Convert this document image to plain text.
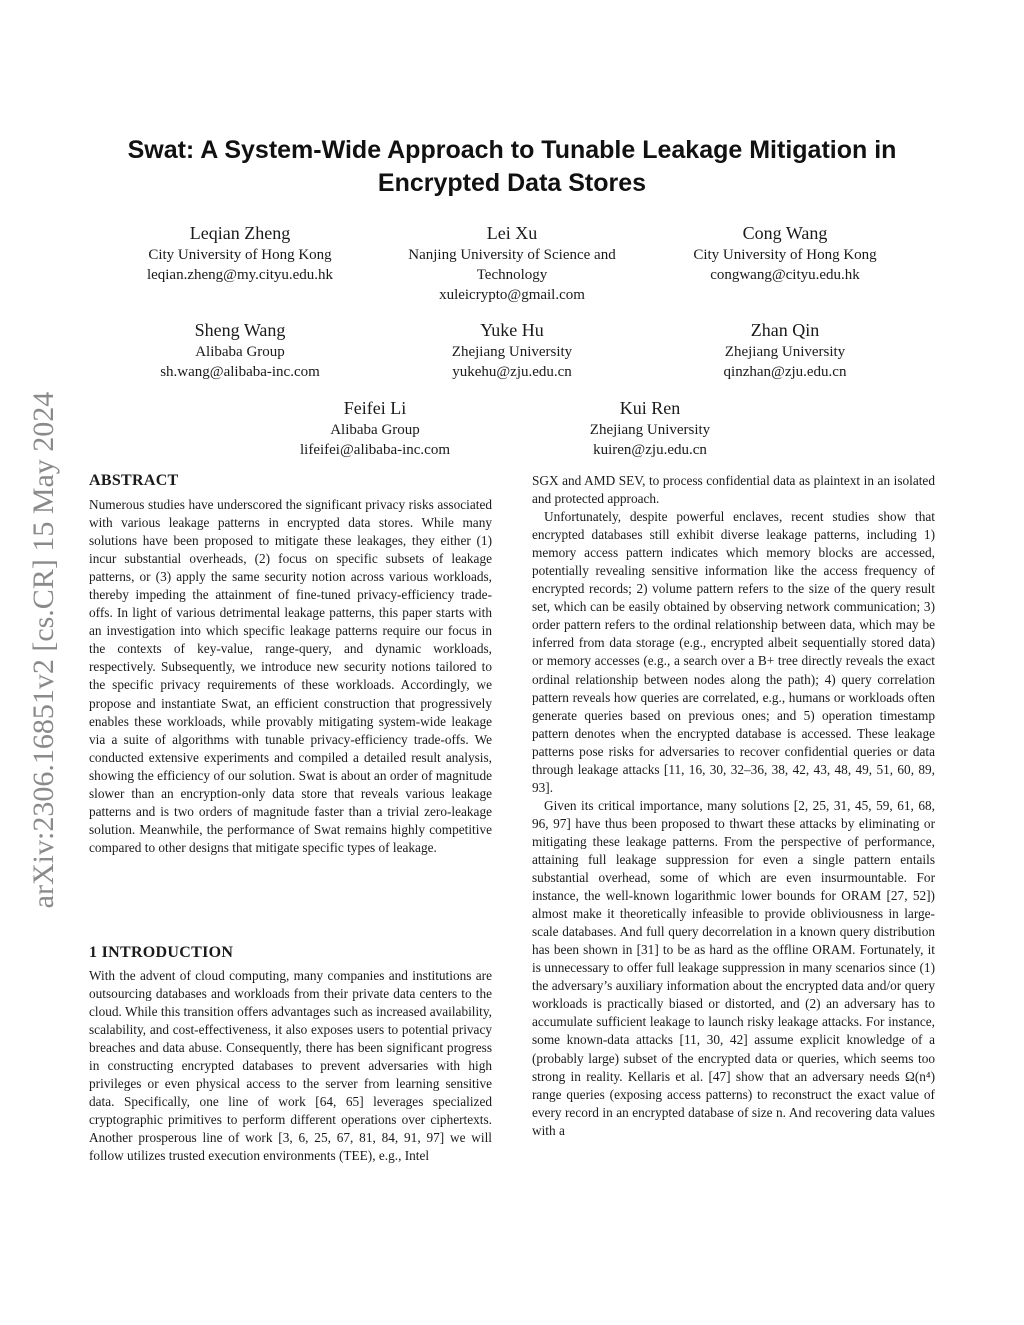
arXiv:2306.16851v2 [cs.CR] 15 May 2024
Swat: A System-Wide Approach to Tunable Leakage Mitigation in
Encrypted Data Stores
Leqian Zheng
City University of Hong Kong
leqian.zheng@my.cityu.edu.hk
Lei Xu
Nanjing University of Science and
Technology
xuleicrypto@gmail.com
Cong Wang
City University of Hong Kong
congwang@cityu.edu.hk
Sheng Wang
Alibaba Group
sh.wang@alibaba-inc.com
Yuke Hu
Zhejiang University
yukehu@zju.edu.cn
Zhan Qin
Zhejiang University
qinzhan@zju.edu.cn
Feifei Li
Alibaba Group
lifeifei@alibaba-inc.com
Kui Ren
Zhejiang University
kuiren@zju.edu.cn
ABSTRACT

Numerous studies have underscored the significant privacy risks associated with various leakage patterns in encrypted data stores. While many solutions have been proposed to mitigate these leakages, they either (1) incur substantial overheads, (2) focus on specific subsets of leakage patterns, or (3) apply the same security notion across various workloads, thereby impeding the attainment of fine-tuned privacy-efficiency trade-offs. In light of various detrimental leakage patterns, this paper starts with an investigation into which specific leakage patterns require our focus in the contexts of key-value, range-query, and dynamic workloads, respectively. Subsequently, we introduce new security notions tailored to the specific privacy requirements of these workloads. Accordingly, we propose and instantiate Swat, an efficient construction that progressively enables these workloads, while provably mitigating system-wide leakage via a suite of algorithms with tunable privacy-efficiency trade-offs. We conducted extensive experiments and compiled a detailed result analysis, showing the efficiency of our solution. Swat is about an order of magnitude slower than an encryption-only data store that reveals various leakage patterns and is two orders of magnitude faster than a trivial zero-leakage solution. Meanwhile, the performance of Swat remains highly competitive compared to other designs that mitigate specific types of leakage.

1 INTRODUCTION

With the advent of cloud computing, many companies and institutions are outsourcing databases and workloads from their private data centers to the cloud. While this transition offers advantages such as increased availability, scalability, and cost-effectiveness, it also exposes users to potential privacy breaches and data abuse. Consequently, there has been significant progress in constructing encrypted databases to prevent adversaries with high privileges or even physical access to the server from learning sensitive data. Specifically, one line of work [64, 65] leverages specialized cryptographic primitives to perform different operations over ciphertexts. Another prosperous line of work [3, 6, 25, 67, 81, 84, 91, 97] we will follow utilizes trusted execution environments (TEE), e.g., Intel

SGX and AMD SEV, to process confidential data as plaintext in an isolated and protected approach.

Unfortunately, despite powerful enclaves, recent studies show that encrypted databases still exhibit diverse leakage patterns, including 1) memory access pattern indicates which memory blocks are accessed, potentially revealing sensitive information like the access frequency of encrypted records; 2) volume pattern refers to the size of the query result set, which can be easily obtained by observing network communication; 3) order pattern refers to the ordinal relationship between data, which may be inferred from data storage (e.g., encrypted albeit sequentially stored data) or memory accesses (e.g., a search over a B+ tree directly reveals the exact ordinal relationship between nodes along the path); 4) query correlation pattern reveals how queries are correlated, e.g., humans or workloads often generate queries based on previous ones; and 5) operation timestamp pattern denotes when the encrypted database is accessed. These leakage patterns pose risks for adversaries to recover confidential queries or data through leakage attacks [11, 16, 30, 32–36, 38, 42, 43, 48, 49, 51, 60, 89, 93].

Given its critical importance, many solutions [2, 25, 31, 45, 59, 61, 68, 96, 97] have thus been proposed to thwart these attacks by eliminating or mitigating these leakage patterns. From the perspective of performance, attaining full leakage suppression for even a single pattern entails substantial overhead, some of which are even insurmountable. For instance, the well-known logarithmic lower bounds for ORAM [27, 52]) almost make it theoretically infeasible to provide obliviousness in large-scale databases. And full query decorrelation in a known query distribution has been shown in [31] to be as hard as the offline ORAM. Fortunately, it is unnecessary to offer full leakage suppression in many scenarios since (1) the adversary’s auxiliary information about the encrypted data and/or query workloads is practically biased or distorted, and (2) an adversary has to accumulate sufficient leakage to launch risky leakage attacks. For instance, some known-data attacks [11, 30, 42] assume explicit knowledge of a (probably large) subset of the encrypted data or queries, which seems too strong in reality. Kellaris et al. [47] show that an adversary needs Ω(n⁴) range queries (exposing access patterns) to reconstruct the exact value of every record in an encrypted database of size n. And recovering data values with a
